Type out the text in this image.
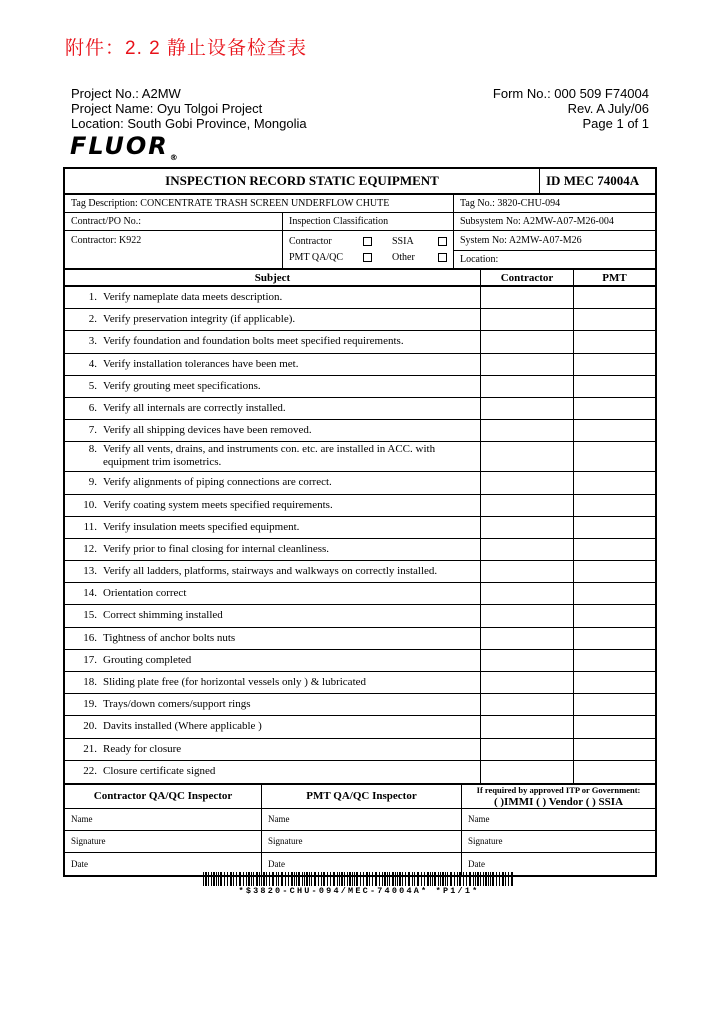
附件：2. 2 静止设备检查表
Project No.: A2MW
Project Name: Oyu Tolgoi Project
Location: South Gobi Province, Mongolia
Form No.: 000 509 F74004
Rev. A July/06
Page 1 of 1
$FLUOR_®$
INSPECTION RECORD STATIC EQUIPMENT	ID MEC 74004A
Tag Description: CONCENTRATE TRASH SCREEN UNDERFLOW CHUTE	Tag No.: 3820-CHU-094
Contract/PO No.:	Inspection Classification	Subsystem No: A2MW-A07-M26-004
Contractor: K922	Contractor	SSIA
PMT QA/QC	Other
System No: A2MW-A07-M26
Location:
Subject	Contractor	PMT
1. Verify nameplate data meets description.
2. Verify preservation integrity (if applicable).
3. Verify foundation and foundation bolts meet specified requirements.
4. Verify installation tolerances have been met.
5. Verify grouting meet specifications.
6. Verify all internals are correctly installed.
7. Verify all shipping devices have been removed.
8. Verify all vents, drains, and instruments con. etc. are installed in ACC. with
equipment trim isometrics.
9. Verify alignments of piping connections are correct.
10. Verify coating system meets specified requirements.
11. Verify insulation meets specified equipment.
12. Verify prior to final closing for internal cleanliness.
13. Verify all ladders, platforms, stairways and walkways on correctly installed.
14. Orientation correct
15. Correct shimming installed
16. Tightness of anchor bolts nuts
17. Grouting completed
18. Sliding plate free (for horizontal vessels only ) & lubricated
19. Trays/down comers/support rings
20. Davits installed (Where applicable )
21. Ready for closure
22. Closure certificate signed
Contractor QA/QC Inspector	PMT QA/QC Inspector	If required by approved ITP or Government:
( )IMMI ( ) Vendor ( ) SSIA
Name	Name	Name
Signature	Signature	Signature
Date	Date	Date
*$3820-CHU-094/MEC-74004A* *P1/1*
